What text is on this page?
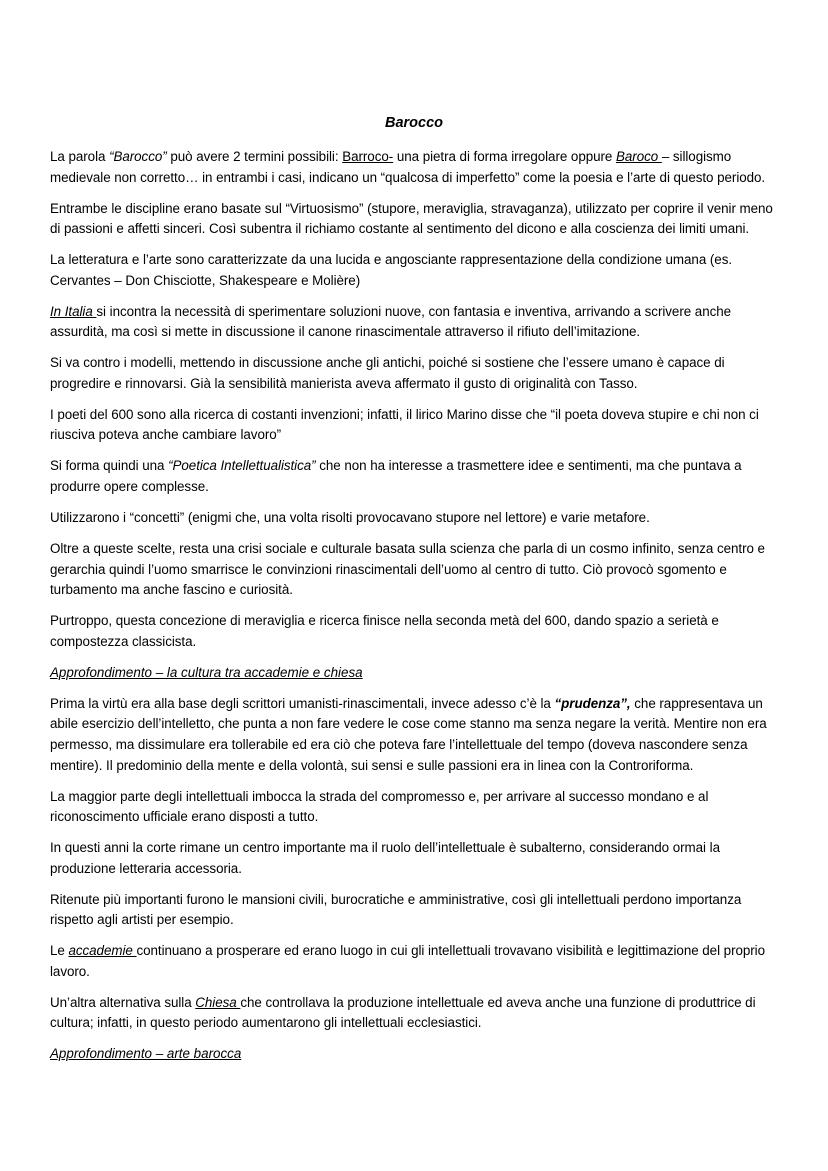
Barocco

La parola “Barocco” può avere 2 termini possibili: Barroco- una pietra di forma irregolare oppure Baroco – sillogismo medievale non corretto… in entrambi i casi, indicano un “qualcosa di imperfetto” come la poesia e l’arte di questo periodo.

Entrambe le discipline erano basate sul “Virtuosismo” (stupore, meraviglia, stravaganza), utilizzato per coprire il venir meno di passioni e affetti sinceri. Così subentra il richiamo costante al sentimento del dicono e alla coscienza dei limiti umani.

La letteratura e l’arte sono caratterizzate da una lucida e angosciante rappresentazione della condizione umana (es. Cervantes – Don Chisciotte, Shakespeare e Molière)

In Italia si incontra la necessità di sperimentare soluzioni nuove, con fantasia e inventiva, arrivando a scrivere anche assurdità, ma così si mette in discussione il canone rinascimentale attraverso il rifiuto dell’imitazione.

Si va contro i modelli, mettendo in discussione anche gli antichi, poiché si sostiene che l’essere umano è capace di progredire e rinnovarsi. Già la sensibilità manierista aveva affermato il gusto di originalità con Tasso.

I poeti del 600 sono alla ricerca di costanti invenzioni; infatti, il lirico Marino disse che “il poeta doveva stupire e chi non ci riusciva poteva anche cambiare lavoro”

Si forma quindi una “Poetica Intellettualistica” che non ha interesse a trasmettere idee e sentimenti, ma che puntava a produrre opere complesse.

Utilizzarono i “concetti” (enigmi che, una volta risolti provocavano stupore nel lettore) e varie metafore.

Oltre a queste scelte, resta una crisi sociale e culturale basata sulla scienza che parla di un cosmo infinito, senza centro e gerarchia quindi l’uomo smarrisce le convinzioni rinascimentali dell’uomo al centro di tutto. Ciò provocò sgomento e turbamento ma anche fascino e curiosità.

Purtroppo, questa concezione di meraviglia e ricerca finisce nella seconda metà del 600, dando spazio a serietà e compostezza classicista.

Approfondimento – la cultura tra accademie e chiesa

Prima la virtù era alla base degli scrittori umanisti-rinascimentali, invece adesso c’è la “prudenza”, che rappresentava un abile esercizio dell’intelletto, che punta a non fare vedere le cose come stanno ma senza negare la verità. Mentire non era permesso, ma dissimulare era tollerabile ed era ciò che poteva fare l’intellettuale del tempo (doveva nascondere senza mentire). Il predominio della mente e della volontà, sui sensi e sulle passioni era in linea con la Controriforma.

La maggior parte degli intellettuali imbocca la strada del compromesso e, per arrivare al successo mondano e al riconoscimento ufficiale erano disposti a tutto.

In questi anni la corte rimane un centro importante ma il ruolo dell’intellettuale è subalterno, considerando ormai la produzione letteraria accessoria.

Ritenute più importanti furono le mansioni civili, burocratiche e amministrative, così gli intellettuali perdono importanza rispetto agli artisti per esempio.

Le accademie continuano a prosperare ed erano luogo in cui gli intellettuali trovavano visibilità e legittimazione del proprio lavoro.

Un’altra alternativa sulla Chiesa che controllava la produzione intellettuale ed aveva anche una funzione di produttrice di cultura; infatti, in questo periodo aumentarono gli intellettuali ecclesiastici.

Approfondimento – arte barocca
